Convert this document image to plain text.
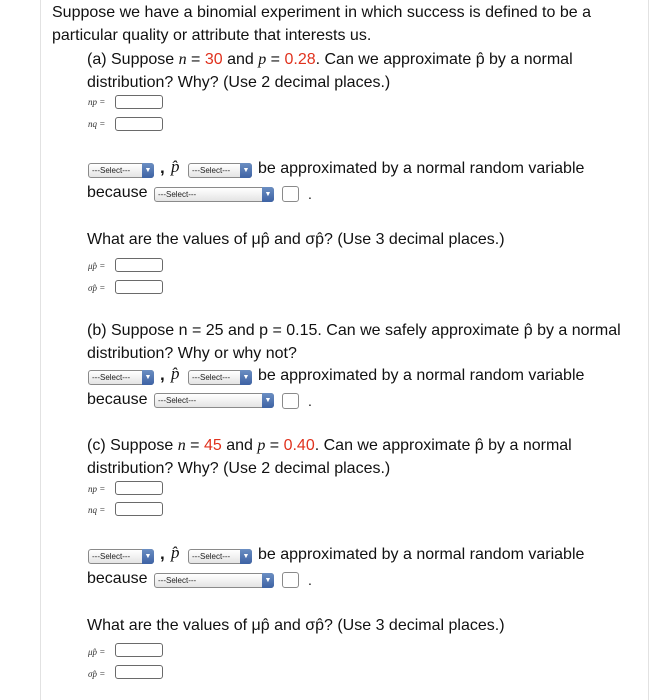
Suppose we have a binomial experiment in which success is defined to be a particular quality or attribute that interests us.
(a) Suppose n = 30 and p = 0.28. Can we approximate p̂ by a normal distribution? Why? (Use 2 decimal places.)
np =
nq =
---Select---	▼ , p̂	---Select---	▼ be approximated by a normal random variable
because	---Select---	▼	.
What are the values of μp̂ and σp̂? (Use 3 decimal places.)
μp̂ =
σp̂ =
(b) Suppose n = 25 and p = 0.15. Can we safely approximate p̂ by a normal distribution? Why or why not?
---Select---	▼ , p̂	---Select---	▼ be approximated by a normal random variable
because	---Select---	▼	.
(c) Suppose n = 45 and p = 0.40. Can we approximate p̂ by a normal distribution? Why? (Use 2 decimal places.)
np =
nq =
---Select---	▼ , p̂	---Select---	▼ be approximated by a normal random variable
because	---Select---	▼	.
What are the values of μp̂ and σp̂? (Use 3 decimal places.)
μp̂ =
σp̂ =
